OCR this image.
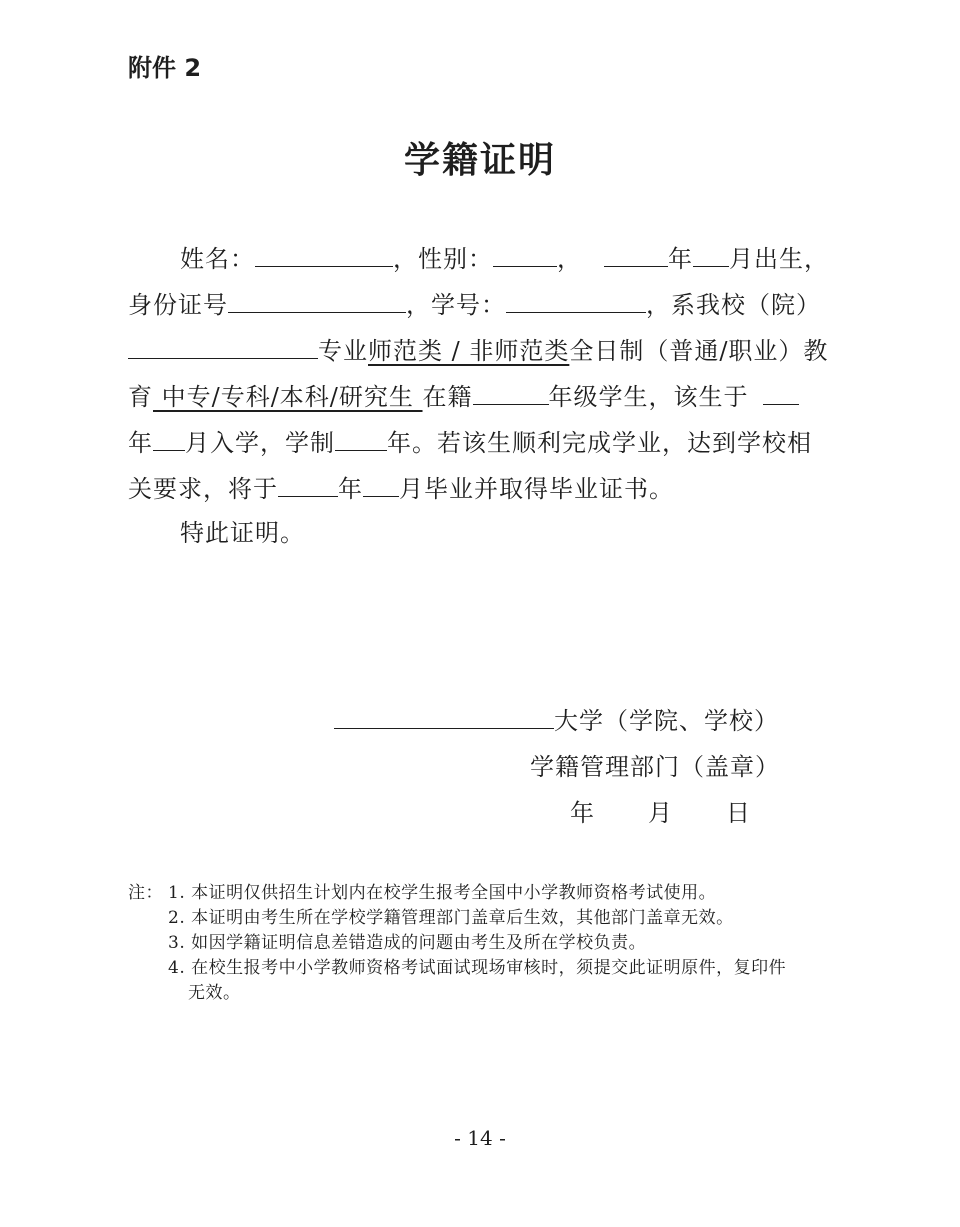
附件 2
学籍证明
姓名：	，性别：	，	年 月出生，
身份证号	，学号：	，系我校（院）
专业师范类 / 非师范类全日制（普通/职业）教
育 中专/专科/本科/研究生 在籍	年级学生，该生于
年 月入学，学制 年。若该生顺利完成学业，达到学校相
关要求，将于	年 月毕业并取得毕业证书。
特此证明。
大学（学院、学校）
学籍管理部门（盖章）
年 月 日
注： 1. 本证明仅供招生计划内在校学生报考全国中小学教师资格考试使用。
2. 本证明由考生所在学校学籍管理部门盖章后生效，其他部门盖章无效。
3. 如因学籍证明信息差错造成的问题由考生及所在学校负责。
4. 在校生报考中小学教师资格考试面试现场审核时，须提交此证明原件，复印件
无效。
- 14 -
